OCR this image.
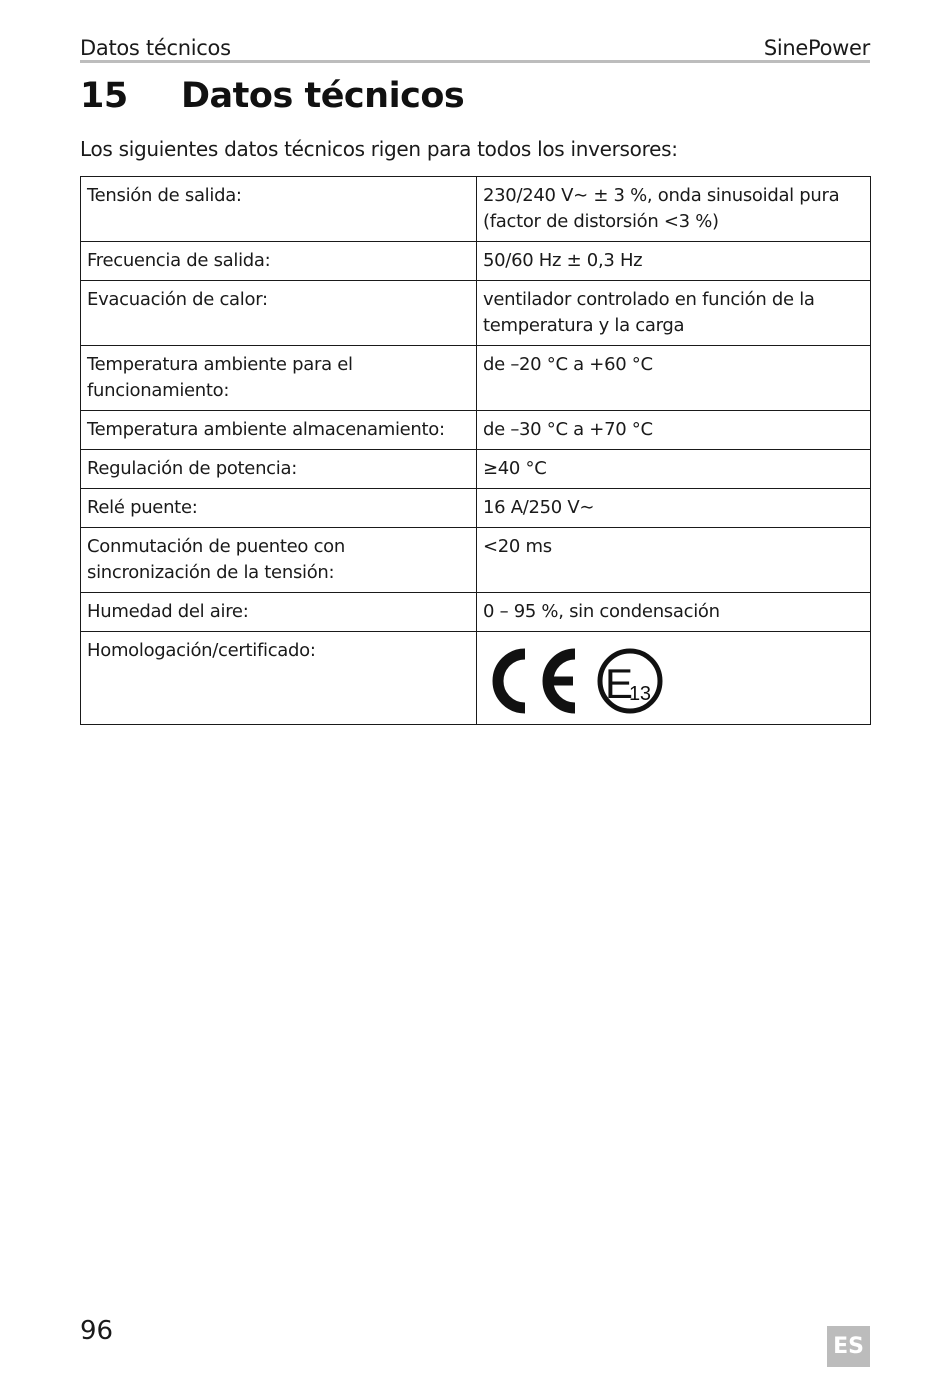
Datos técnicos	SinePower
15 Datos técnicos
Los siguientes datos técnicos rigen para todos los inversores:
Tensión de salida:	230/240 V∼ ± 3 %, onda sinusoidal pura (factor de distorsión <3 %)
Frecuencia de salida:	50/60 Hz ± 0,3 Hz
Evacuación de calor:	ventilador controlado en función de la temperatura y la carga
Temperatura ambiente para el funcionamiento:	de –20 °C a +60 °C
Temperatura ambiente almacenamiento:	de –30 °C a +70 °C
Regulación de potencia:	≥40 °C
Relé puente:	16 A/250 V∼
Conmutación de puenteo con sincronización de la tensión:	<20 ms
Humedad del aire:	0 – 95 %, sin condensación
Homologación/certificado:	E
13
96
ES
